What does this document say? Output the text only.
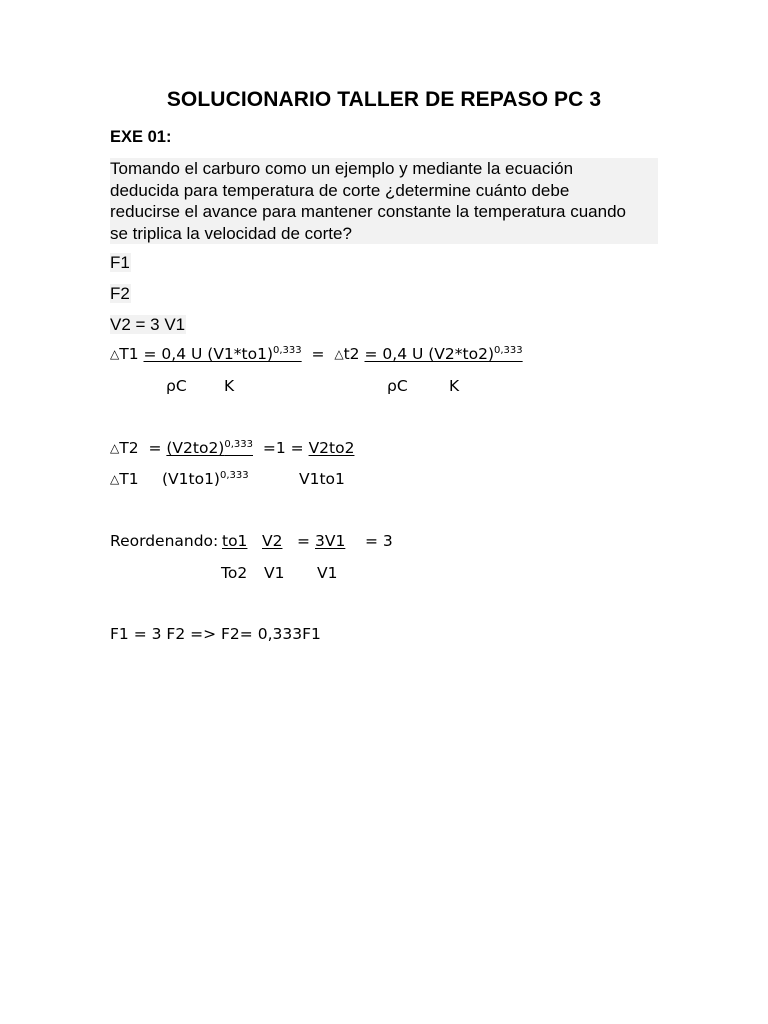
SOLUCIONARIO TALLER DE REPASO PC 3
EXE 01:
Tomando el carburo como un ejemplo y mediante la ecuación
deducida para temperatura de corte ¿determine cuánto debe
reducirse el avance para mantener constante la temperatura cuando
se triplica la velocidad de corte?
F1
F2
V2 = 3 V1
△T1 = 0,4 U $(V1*to1)^{0,333}$ = △t2 = 0,4 U $(V2*to2)^{0,333}$
ρC K	ρC	K
△T2 = $(V2to2)^{0,333} =1 = V2to2$
△T1 $(V1to1)^{0,333}$	V1to1
Reordenando: to1 V2 = 3V1 = 3
To2 V1 V1
F1 = 3 F2 => F2= 0,333F1
